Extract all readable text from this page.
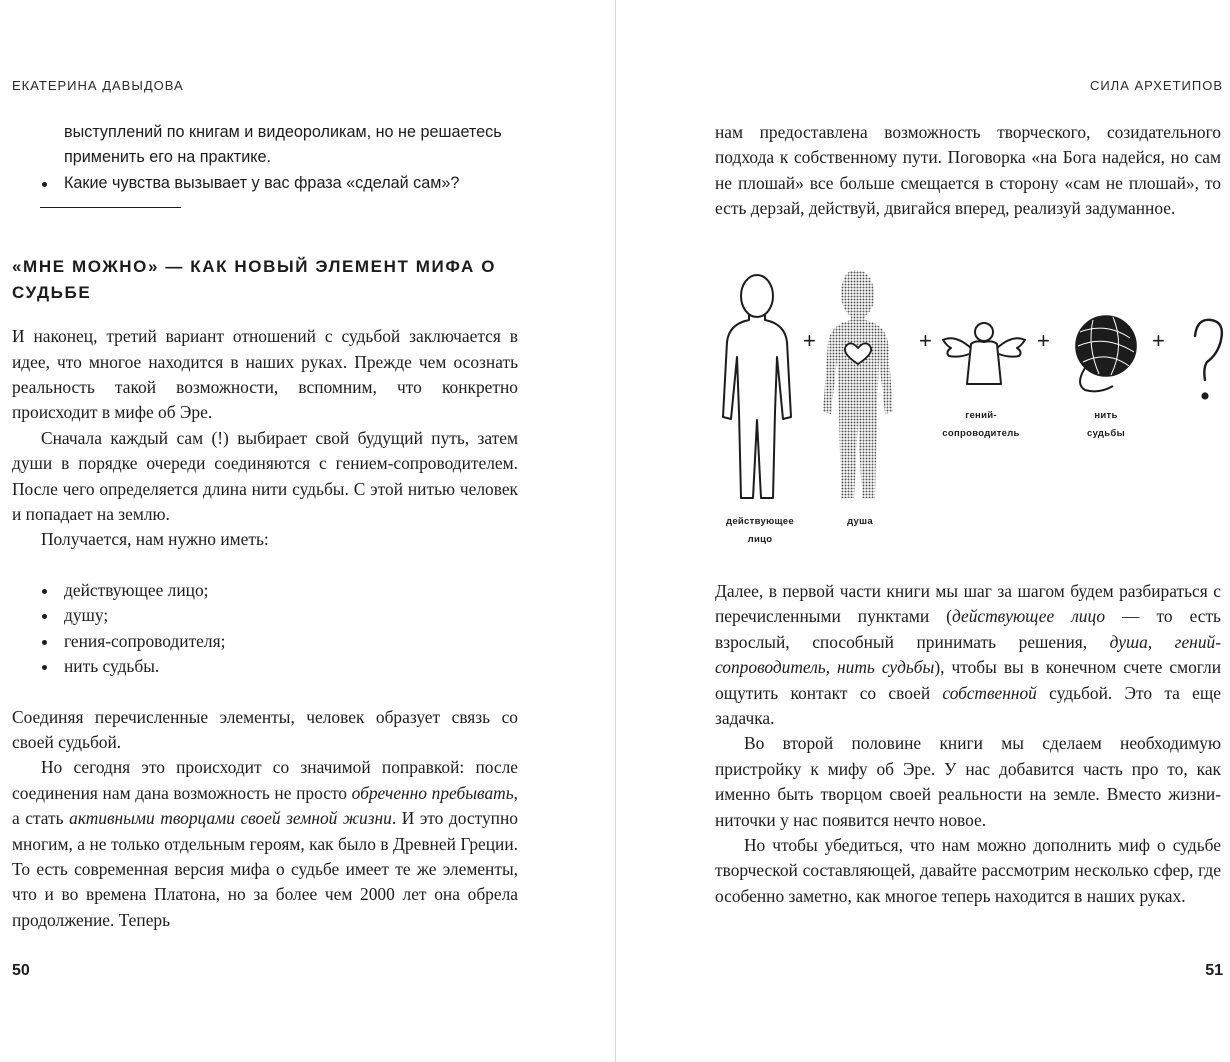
ЕКАТЕРИНА ДАВЫДОВА

выступлений по книгам и видеороликам, но не решаетесь применить его на практике.

Какие чувства вызывает у вас фраза «сделай сам»?
«МНЕ МОЖНО» — КАК НОВЫЙ ЭЛЕМЕНТ МИФА О СУДЬБЕ

И наконец, третий вариант отношений с судьбой заключается в идее, что многое находится в наших руках. Прежде чем осознать реальность такой возможности, вспомним, что конкретно происходит в мифе об Эре.

Сначала каждый сам (!) выбирает свой будущий путь, затем души в порядке очереди соединяются с гением-сопроводителем. После чего определяется длина нити судьбы. С этой нитью человек и попадает на землю.

Получается, нам нужно иметь:

действующее лицо;
душу;
гения-сопроводителя;
нить судьбы.

Соединяя перечисленные элементы, человек образует связь со своей судьбой.

Но сегодня это происходит со значимой поправкой: после соединения нам дана возможность не просто обреченно пребывать, а стать активными творцами своей земной жизни. И это доступно многим, а не только отдельным героям, как было в Древней Греции. То есть современная версия мифа о судьбе имеет те же элементы, что и во времена Платона, но за более чем 2000 лет она обрела продолжение. Теперь

50
СИЛА АРХЕТИПОВ

нам предоставлена возможность творческого, созидательного подхода к собственному пути. Поговорка «на Бога надейся, но сам не плошай» все больше смещается в сторону «сам не плошай», то есть дерзай, действуй, двигайся вперед, реализуй задуманное.

+	+	+	+
действующее
лицо
душа
гений-
сопроводитель
нить
судьбы

Далее, в первой части книги мы шаг за шагом будем разбираться с перечисленными пунктами (действующее лицо — то есть взрослый, способный принимать решения, душа, гений-сопроводитель, нить судьбы), чтобы вы в конечном счете смогли ощутить контакт со своей собственной судьбой. Это та еще задачка.

Во второй половине книги мы сделаем необходимую пристройку к мифу об Эре. У нас добавится часть про то, как именно быть творцом своей реальности на земле. Вместо жизни-ниточки у нас появится нечто новое.

Но чтобы убедиться, что нам можно дополнить миф о судьбе творческой составляющей, давайте рассмотрим несколько сфер, где особенно заметно, как многое теперь находится в наших руках.

51
